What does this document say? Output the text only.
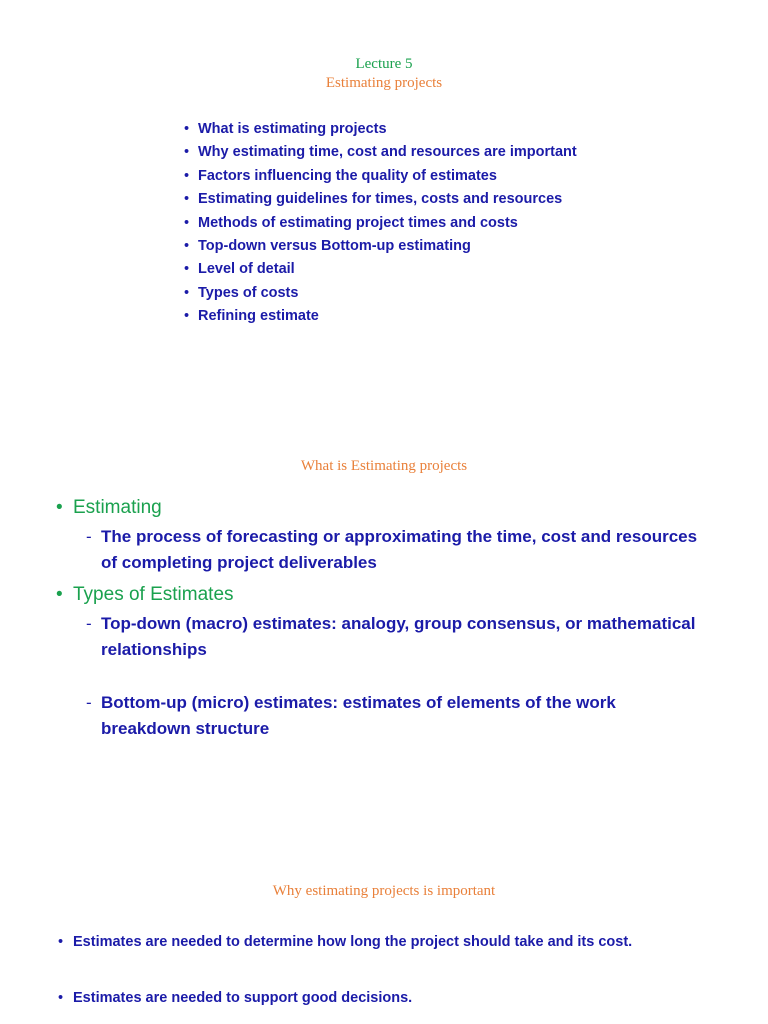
Lecture 5
Estimating projects
• What is estimating projects
• Why estimating time, cost and resources are important
• Factors influencing the quality of estimates
• Estimating guidelines for times, costs and resources
• Methods of estimating project times and costs
• Top-down versus Bottom-up estimating
• Level of detail
• Types of costs
• Refining estimate
What is Estimating projects
• Estimating
- The process of forecasting or approximating the time, cost and resources of completing project deliverables
• Types of Estimates
- Top-down (macro) estimates: analogy, group consensus, or mathematical relationships
- Bottom-up (micro) estimates: estimates of elements of the work breakdown structure
Why estimating projects is important
• Estimates are needed to determine how long the project should take and its cost.
• Estimates are needed to support good decisions.
